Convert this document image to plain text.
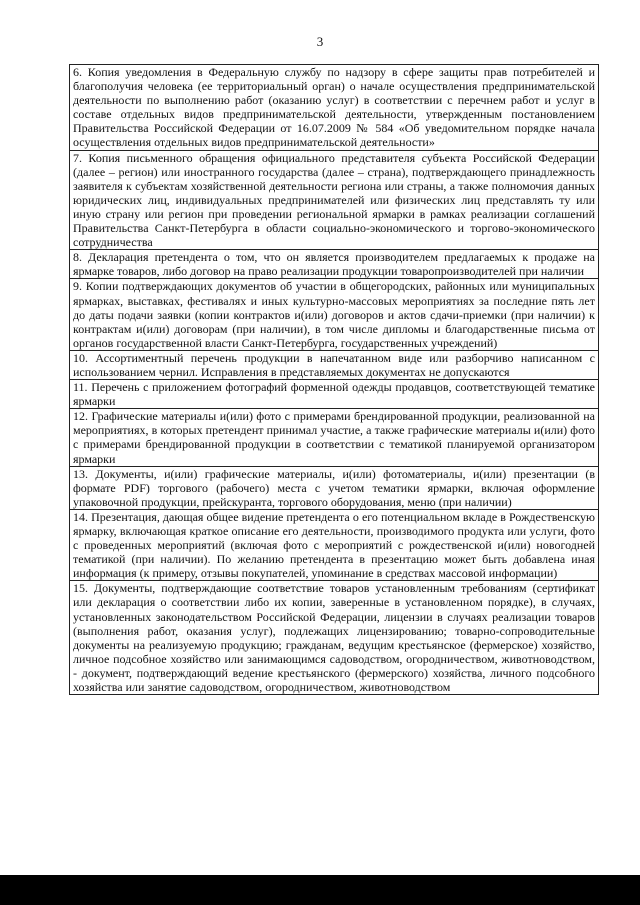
3
6. Копия уведомления в Федеральную службу по надзору в сфере защиты прав потребителей и благополучия человека (ее территориальный орган) о начале осуществления предпринимательской деятельности по выполнению работ (оказанию услуг) в соответствии с перечнем работ и услуг в составе отдельных видов предпринимательской деятельности, утвержденным постановлением Правительства Российской Федерации от 16.07.2009 № 584 «Об уведомительном порядке начала осуществления отдельных видов предпринимательской деятельности»
7. Копия письменного обращения официального представителя субъекта Российской Федерации (далее – регион) или иностранного государства (далее – страна), подтверждающего принадлежность заявителя к субъектам хозяйственной деятельности региона или страны, а также полномочия данных юридических лиц, индивидуальных предпринимателей или физических лиц представлять ту или иную страну или регион при проведении региональной ярмарки в рамках реализации соглашений Правительства Санкт-Петербурга в области социально-экономического и торгово-экономического сотрудничества
8. Декларация претендента о том, что он является производителем предлагаемых к продаже на ярмарке товаров, либо договор на право реализации продукции товаропроизводителей при наличии
9. Копии подтверждающих документов об участии в общегородских, районных или муниципальных ярмарках, выставках, фестивалях и иных культурно-массовых мероприятиях за последние пять лет до даты подачи заявки (копии контрактов и(или) договоров и актов сдачи-приемки (при наличии) к контрактам и(или) договорам (при наличии), в том числе дипломы и благодарственные письма от органов государственной власти Санкт-Петербурга, государственных учреждений)
10. Ассортиментный перечень продукции в напечатанном виде или разборчиво написанном с использованием чернил. Исправления в представляемых документах не допускаются
11. Перечень с приложением фотографий форменной одежды продавцов, соответствующей тематике ярмарки
12. Графические материалы и(или) фото с примерами брендированной продукции, реализованной на мероприятиях, в которых претендент принимал участие, а также графические материалы и(или) фото с примерами брендированной продукции в соответствии с тематикой планируемой организатором ярмарки
13. Документы, и(или) графические материалы, и(или) фотоматериалы, и(или) презентации (в формате PDF) торгового (рабочего) места с учетом тематики ярмарки, включая оформление упаковочной продукции, прейскуранта, торгового оборудования, меню (при наличии)
14. Презентация, дающая общее видение претендента о его потенциальном вкладе в Рождественскую ярмарку, включающая краткое описание его деятельности, производимого продукта или услуги, фото с проведенных мероприятий (включая фото с мероприятий с рождественской и(или) новогодней тематикой (при наличии). По желанию претендента в презентацию может быть добавлена иная информация (к примеру, отзывы покупателей, упоминание в средствах массовой информации)
15. Документы, подтверждающие соответствие товаров установленным требованиям (сертификат или декларация о соответствии либо их копии, заверенные в установленном порядке), в случаях, установленных законодательством Российской Федерации, лицензии в случаях реализации товаров (выполнения работ, оказания услуг), подлежащих лицензированию; товарно-сопроводительные документы на реализуемую продукцию; гражданам, ведущим крестьянское (фермерское) хозяйство, личное подсобное хозяйство или занимающимся садоводством, огородничеством, животноводством, - документ, подтверждающий ведение крестьянского (фермерского) хозяйства, личного подсобного хозяйства или занятие садоводством, огородничеством, животноводством
